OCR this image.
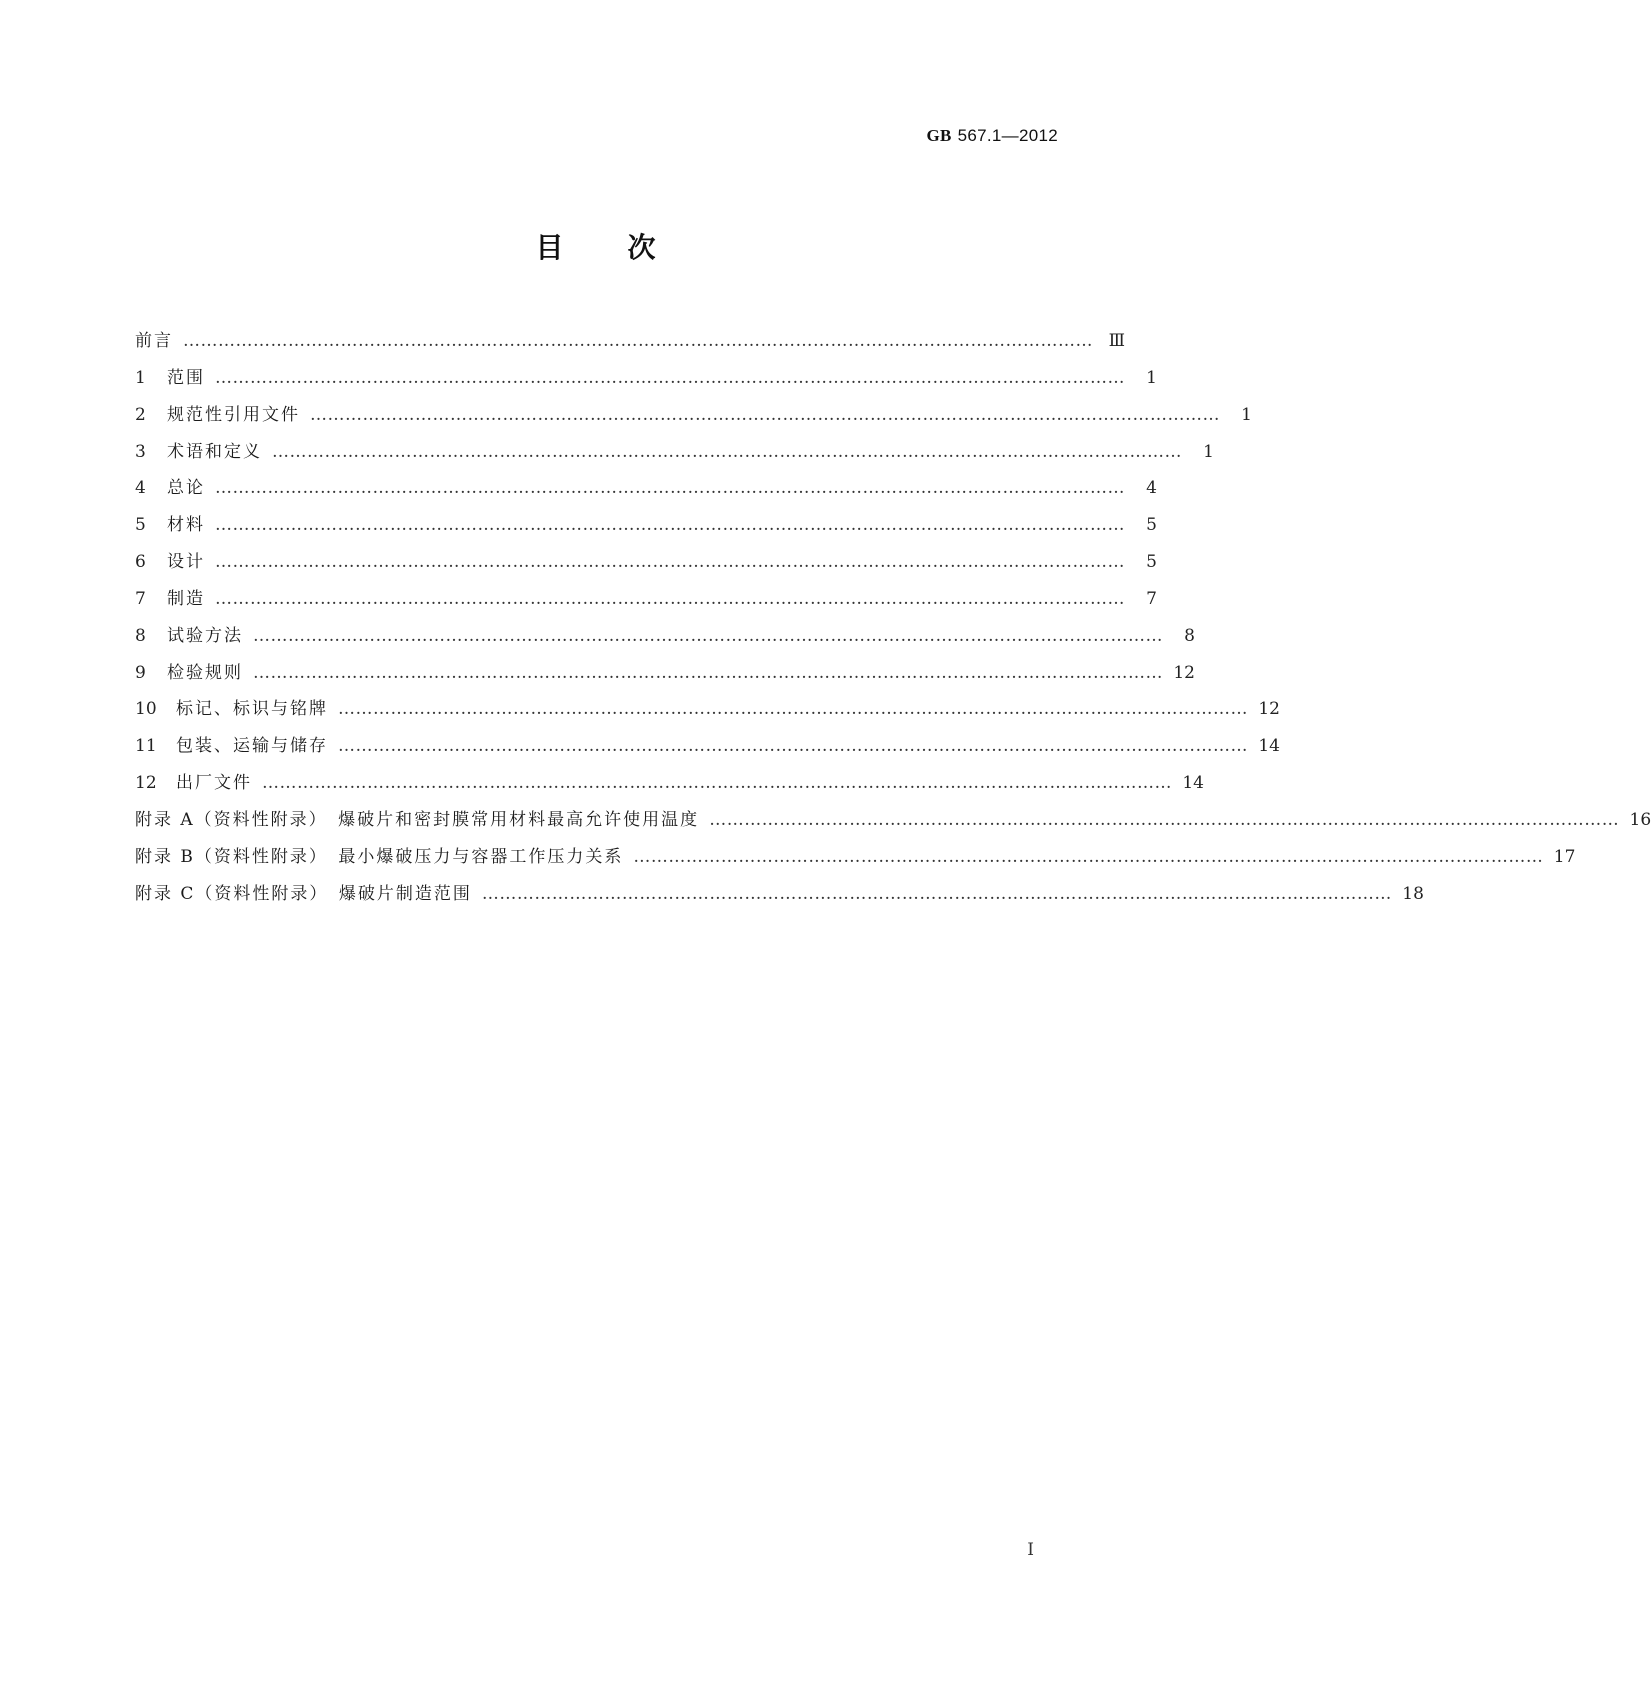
GB 567.1—2012
目 次
前言 ………………………………………………………………………………………………………………………………………… Ⅲ
1	范围 …………………………………………………………………………………………………………………………………………	1
2	规范性引用文件 …………………………………………………………………………………………………………………………………………	1
3	术语和定义 …………………………………………………………………………………………………………………………………………	1
4	总论 …………………………………………………………………………………………………………………………………………	4
5	材料 …………………………………………………………………………………………………………………………………………	5
6	设计 …………………………………………………………………………………………………………………………………………	5
7	制造 …………………………………………………………………………………………………………………………………………	7
8	试验方法 …………………………………………………………………………………………………………………………………………	8
9	检验规则 ………………………………………………………………………………………………………………………………………… 12
10	标记、标识与铭牌 ………………………………………………………………………………………………………………………………………… 12
11	包装、运输与储存 ………………………………………………………………………………………………………………………………………… 14
12	出厂文件 ………………………………………………………………………………………………………………………………………… 14
附录 A（资料性附录）　爆破片和密封膜常用材料最高允许使用温度 ………………………………………………………………………………………………………………………………………… 16
附录 B（资料性附录）　最小爆破压力与容器工作压力关系 ………………………………………………………………………………………………………………………………………… 17
附录 C（资料性附录）　爆破片制造范围 ………………………………………………………………………………………………………………………………………… 18
I
